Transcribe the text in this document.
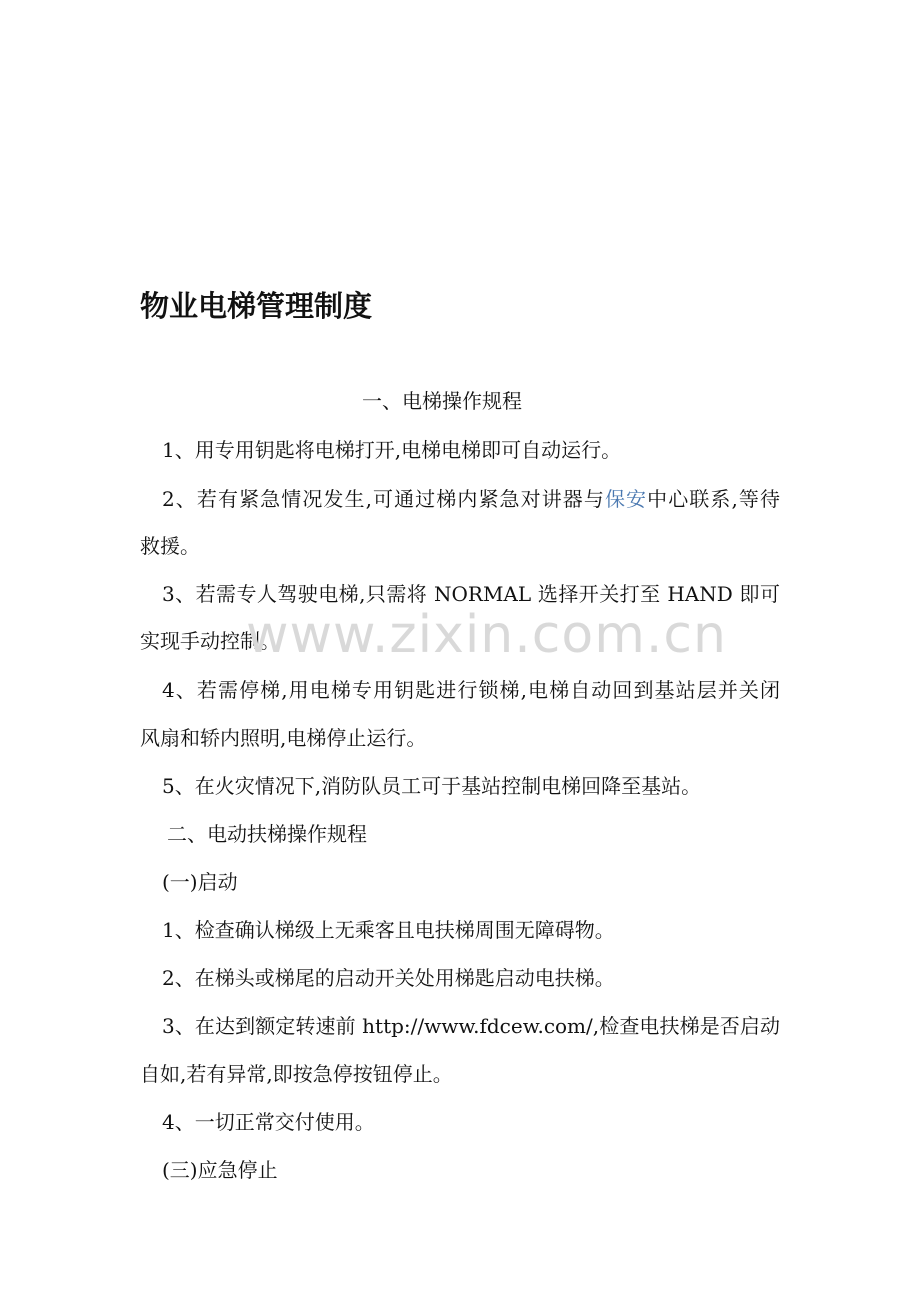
物业电梯管理制度
一、电梯操作规程
1、用专用钥匙将电梯打开,电梯电梯即可自动运行。
2、若有紧急情况发生,可通过梯内紧急对讲器与保安中心联系,等待
救援。
3、若需专人驾驶电梯,只需将 NORMAL 选择开关打至 HAND 即可
实现手动控制。
4、若需停梯,用电梯专用钥匙进行锁梯,电梯自动回到基站层并关闭
风扇和轿内照明,电梯停止运行。
5、在火灾情况下,消防队员工可于基站控制电梯回降至基站。
二、电动扶梯操作规程
(一)启动
1、检查确认梯级上无乘客且电扶梯周围无障碍物。
2、在梯头或梯尾的启动开关处用梯匙启动电扶梯。
3、在达到额定转速前 http://www.fdcew.com/,检查电扶梯是否启动
自如,若有异常,即按急停按钮停止。
4、一切正常交付使用。
(三)应急停止
www.zixin.com.cn
